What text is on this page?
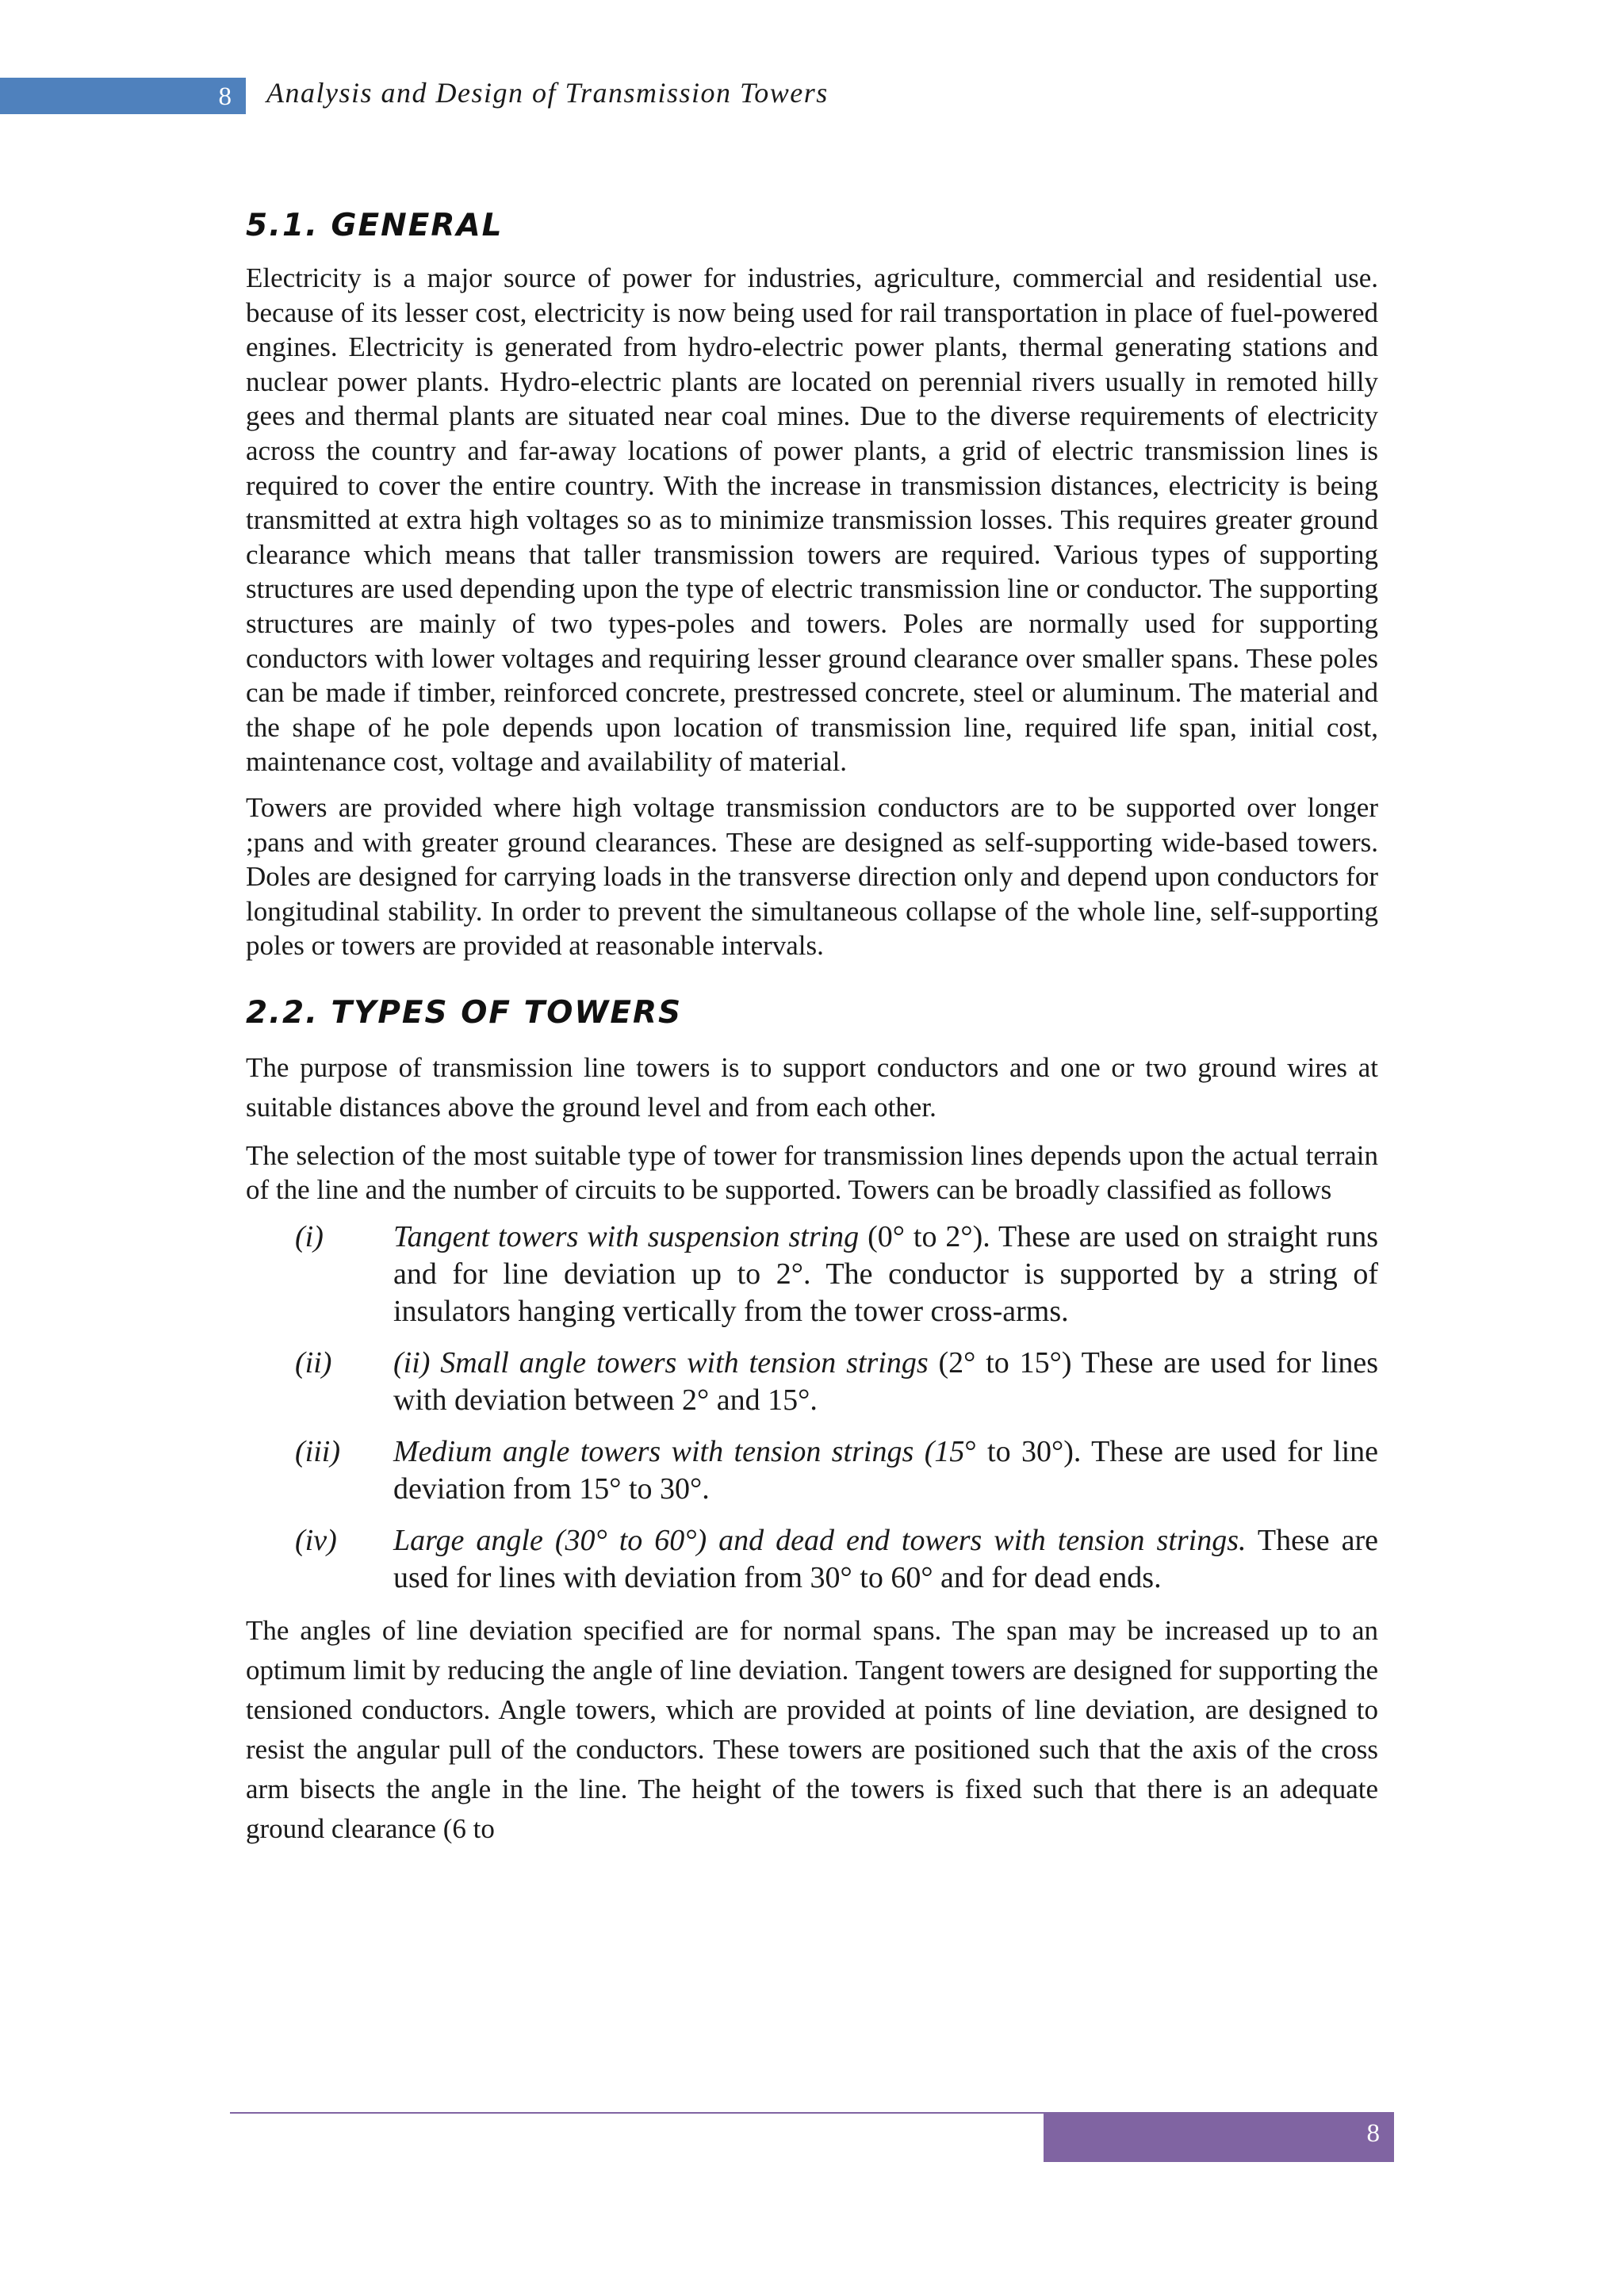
8 Analysis and Design of Transmission Towers
5.1. GENERAL

Electricity is a major source of power for industries, agriculture, commercial and residential use. because of its lesser cost, electricity is now being used for rail transportation in place of fuel-powered engines. Electricity is generated from hydro-electric power plants, thermal generating stations and nuclear power plants. Hydro-electric plants are located on perennial rivers usually in remoted hilly gees and thermal plants are situated near coal mines. Due to the diverse requirements of electricity across the country and far-away locations of power plants, a grid of electric transmission lines is required to cover the entire country. With the increase in transmission distances, electricity is being transmitted at extra high voltages so as to minimize transmission losses. This requires greater ground clearance which means that taller transmission towers are required. Various types of supporting structures are used depending upon the type of electric transmission line or conductor. The supporting structures are mainly of two types-poles and towers. Poles are normally used for supporting conductors with lower voltages and requiring lesser ground clearance over smaller spans. These poles can be made if timber, reinforced concrete, prestressed concrete, steel or aluminum. The material and the shape of he pole depends upon location of transmission line, required life span, initial cost, maintenance cost, voltage and availability of material.

Towers are provided where high voltage transmission conductors are to be supported over longer ;pans and with greater ground clearances. These are designed as self-supporting wide-based towers. Doles are designed for carrying loads in the transverse direction only and depend upon conductors for longitudinal stability. In order to prevent the simultaneous collapse of the whole line, self-supporting poles or towers are provided at reasonable intervals.

2.2. TYPES OF TOWERS

The purpose of transmission line towers is to support conductors and one or two ground wires at suitable distances above the ground level and from each other.

The selection of the most suitable type of tower for transmission lines depends upon the actual terrain of the line and the number of circuits to be supported. Towers can be broadly classified as follows

(i)	Tangent towers with suspension string (0° to 2°). These are used on straight runs and for line deviation up to 2°. The conductor is supported by a string of insulators hanging vertically from the tower cross-arms.
(ii)	(ii) Small angle towers with tension strings (2° to 15°) These are used for lines with deviation between 2° and 15°.
(iii)	Medium angle towers with tension strings (15° to 30°). These are used for line deviation from 15° to 30°.
(iv)	Large angle (30° to 60°) and dead end towers with tension strings. These are used for lines with deviation from 30° to 60° and for dead ends.

The angles of line deviation specified are for normal spans. The span may be increased up to an optimum limit by reducing the angle of line deviation. Tangent towers are designed for supporting the tensioned conductors. Angle towers, which are provided at points of line deviation, are designed to resist the angular pull of the conductors. These towers are positioned such that the axis of the cross arm bisects the angle in the line. The height of the towers is fixed such that there is an adequate ground clearance (6 to

8
